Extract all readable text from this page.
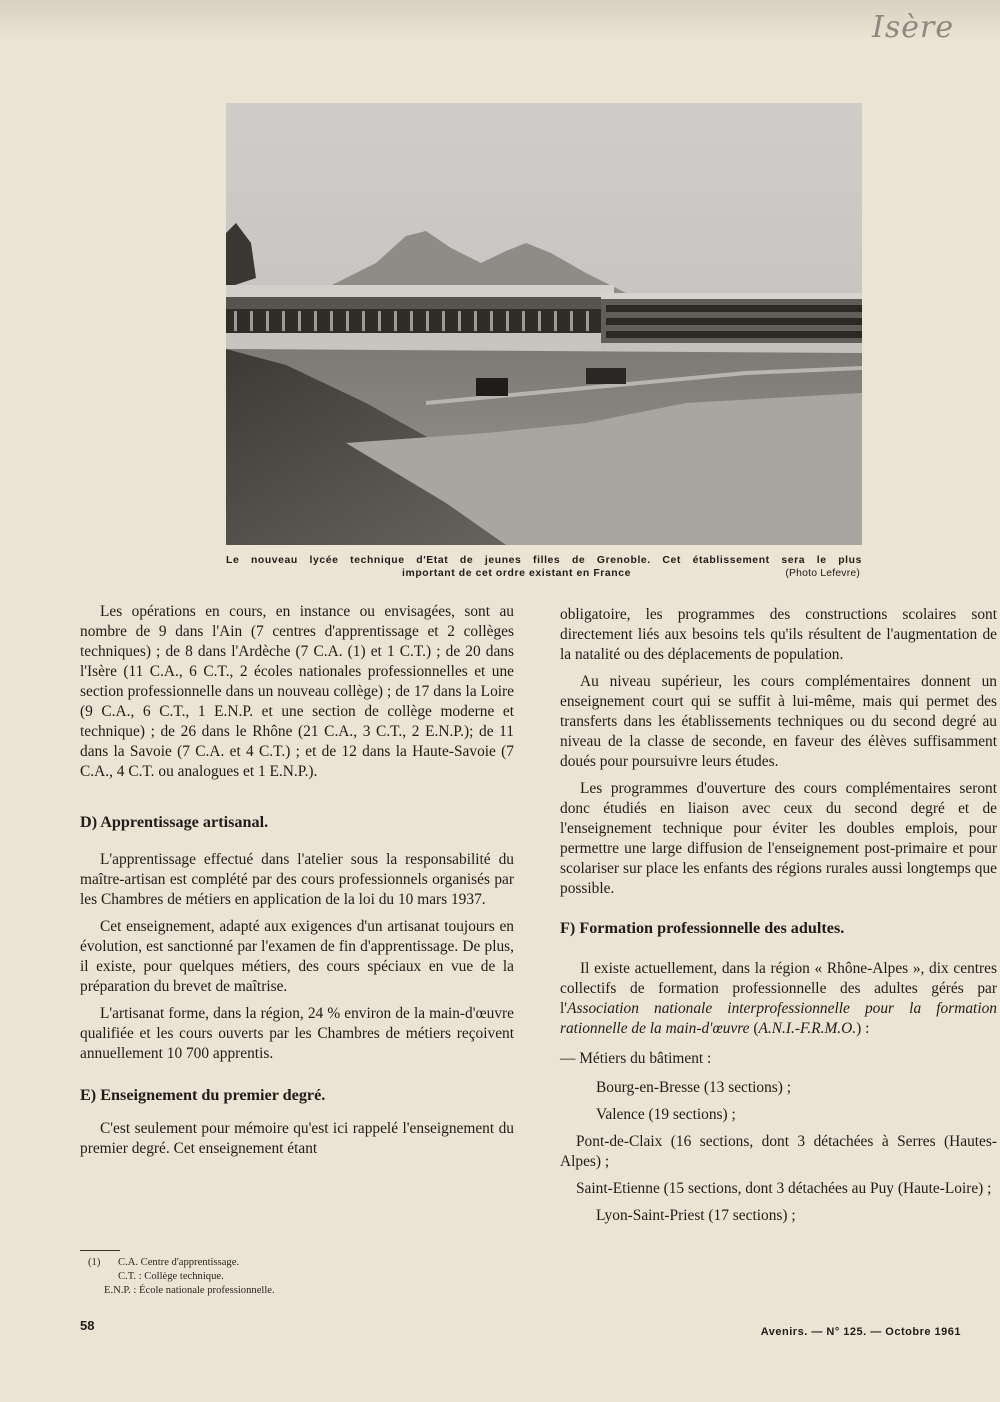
Isère
Le nouveau lycée technique d'Etat de jeunes filles de Grenoble. Cet établissement sera le plus
important de cet ordre existant en France	(Photo Lefevre)

Les opérations en cours, en instance ou envisagées, sont au nombre de 9 dans l'Ain (7 centres d'apprentissage et 2 collèges techniques) ; de 8 dans l'Ardèche (7 C.A. (1) et 1 C.T.) ; de 20 dans l'Isère (11 C.A., 6 C.T., 2 écoles nationales professionnelles et une section professionnelle dans un nouveau collège) ; de 17 dans la Loire (9 C.A., 6 C.T., 1 E.N.P. et une section de collège moderne et technique) ; de 26 dans le Rhône (21 C.A., 3 C.T., 2 E.N.P.); de 11 dans la Savoie (7 C.A. et 4 C.T.) ; et de 12 dans la Haute-Savoie (7 C.A., 4 C.T. ou analogues et 1 E.N.P.).

D) Apprentissage artisanal.

L'apprentissage effectué dans l'atelier sous la responsabilité du maître-artisan est complété par des cours professionnels organisés par les Chambres de métiers en application de la loi du 10 mars 1937.

Cet enseignement, adapté aux exigences d'un artisanat toujours en évolution, est sanctionné par l'examen de fin d'apprentissage. De plus, il existe, pour quelques métiers, des cours spéciaux en vue de la préparation du brevet de maîtrise.

L'artisanat forme, dans la région, 24 % environ de la main-d'œuvre qualifiée et les cours ouverts par les Chambres de métiers reçoivent annuellement 10 700 apprentis.

E) Enseignement du premier degré.

C'est seulement pour mémoire qu'est ici rappelé l'enseignement du premier degré. Cet enseignement étant

obligatoire, les programmes des constructions scolaires sont directement liés aux besoins tels qu'ils résultent de l'augmentation de la natalité ou des déplacements de population.

Au niveau supérieur, les cours complémentaires donnent un enseignement court qui se suffit à lui-même, mais qui permet des transferts dans les établissements techniques ou du second degré au niveau de la classe de seconde, en faveur des élèves suffisamment doués pour poursuivre leurs études.

Les programmes d'ouverture des cours complémentaires seront donc étudiés en liaison avec ceux du second degré et de l'enseignement technique pour éviter les doubles emplois, pour permettre une large diffusion de l'enseignement post-primaire et pour scolariser sur place les enfants des régions rurales aussi longtemps que possible.

F) Formation professionnelle des adultes.

Il existe actuellement, dans la région « Rhône-Alpes », dix centres collectifs de formation professionnelle des adultes gérés par l'Association nationale interprofessionnelle pour la formation rationnelle de la main-d'œuvre (A.N.I.-F.R.M.O.) :

— Métiers du bâtiment :

Bourg-en-Bresse (13 sections) ;

Valence (19 sections) ;

Pont-de-Claix (16 sections, dont 3 détachées à Serres (Hautes-Alpes) ;

Saint-Etienne (15 sections, dont 3 détachées au Puy (Haute-Loire) ;

Lyon-Saint-Priest (17 sections) ;

(1) C.A. Centre d'apprentissage.
C.T. : Collège technique.
E.N.P. : École nationale professionnelle.
58	Avenirs. — N° 125. — Octobre 1961
